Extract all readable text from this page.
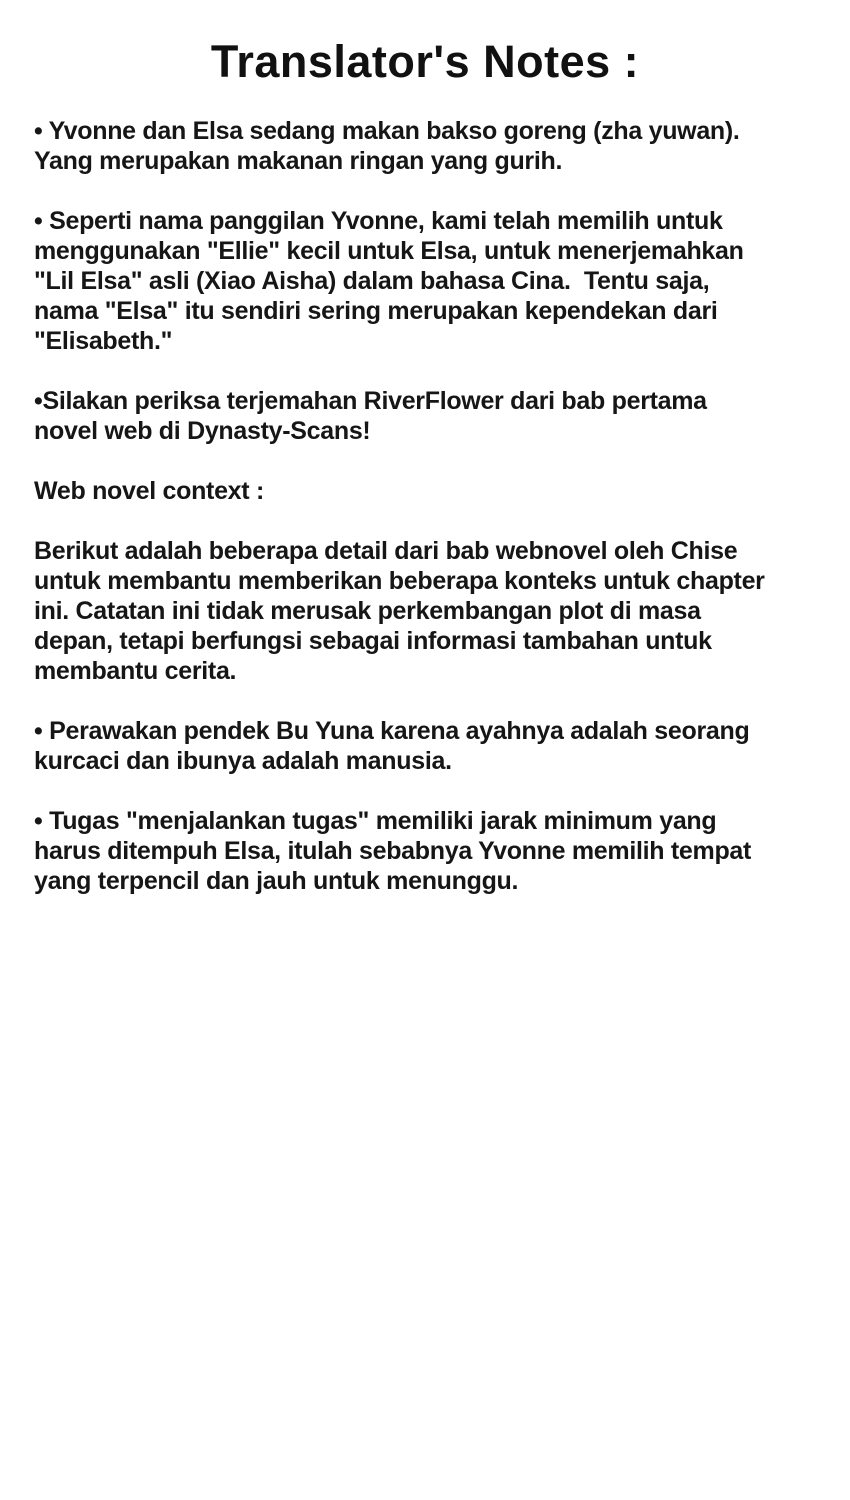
Translator's Notes :

• Yvonne dan Elsa sedang makan bakso goreng (zha yuwan).
Yang merupakan makanan ringan yang gurih.

• Seperti nama panggilan Yvonne, kami telah memilih untuk
menggunakan "Ellie" kecil untuk Elsa, untuk menerjemahkan
"Lil Elsa" asli (Xiao Aisha) dalam bahasa Cina.  Tentu saja,
nama "Elsa" itu sendiri sering merupakan kependekan dari
"Elisabeth."

•Silakan periksa terjemahan RiverFlower dari bab pertama
novel web di Dynasty-Scans!

Web novel context :

Berikut adalah beberapa detail dari bab webnovel oleh Chise
untuk membantu memberikan beberapa konteks untuk chapter
ini. Catatan ini tidak merusak perkembangan plot di masa
depan, tetapi berfungsi sebagai informasi tambahan untuk
membantu cerita.

• Perawakan pendek Bu Yuna karena ayahnya adalah seorang
kurcaci dan ibunya adalah manusia.

• Tugas "menjalankan tugas" memiliki jarak minimum yang
harus ditempuh Elsa, itulah sebabnya Yvonne memilih tempat
yang terpencil dan jauh untuk menunggu.
